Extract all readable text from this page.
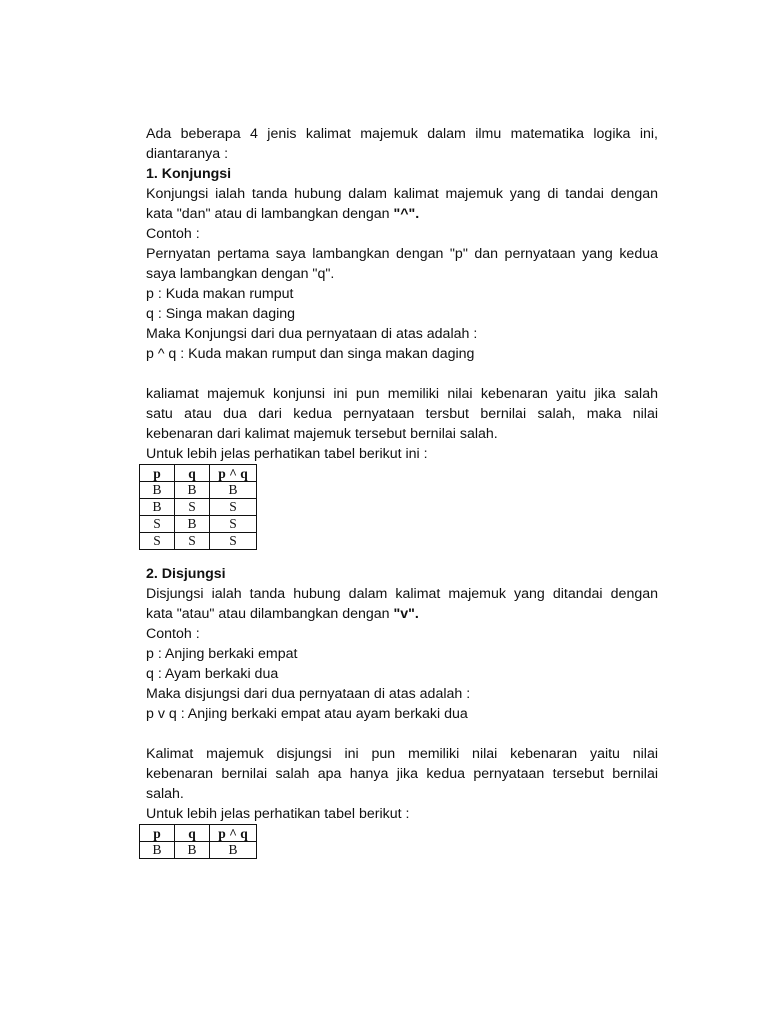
Ada beberapa 4 jenis kalimat majemuk dalam ilmu matematika logika ini,
diantaranya :
1. Konjungsi
Konjungsi ialah tanda hubung dalam kalimat majemuk yang di tandai dengan
kata "dan" atau di lambangkan dengan "^".
Contoh :
Pernyatan pertama saya lambangkan dengan "p" dan pernyataan yang kedua
saya lambangkan dengan "q".
p : Kuda makan rumput
q : Singa makan daging
Maka Konjungsi dari dua pernyataan di atas adalah :
p ^ q : Kuda makan rumput dan singa makan daging
kaliamat majemuk konjunsi ini pun memiliki nilai kebenaran yaitu jika salah
satu atau dua dari kedua pernyataan tersbut bernilai salah, maka nilai
kebenaran dari kalimat majemuk tersebut bernilai salah.
Untuk lebih jelas perhatikan tabel berikut ini :
p	q	p ^ q
B	B	B
B	S	S
S	B	S
S	S	S
2. Disjungsi
Disjungsi ialah tanda hubung dalam kalimat majemuk yang ditandai dengan
kata "atau" atau dilambangkan dengan "v".
Contoh :
p : Anjing berkaki empat
q : Ayam berkaki dua
Maka disjungsi dari dua pernyataan di atas adalah :
p v q : Anjing berkaki empat atau ayam berkaki dua
Kalimat majemuk disjungsi ini pun memiliki nilai kebenaran yaitu nilai
kebenaran bernilai salah apa hanya jika kedua pernyataan tersebut bernilai
salah.
Untuk lebih jelas perhatikan tabel berikut :
p	q	p ^ q
B	B	B
